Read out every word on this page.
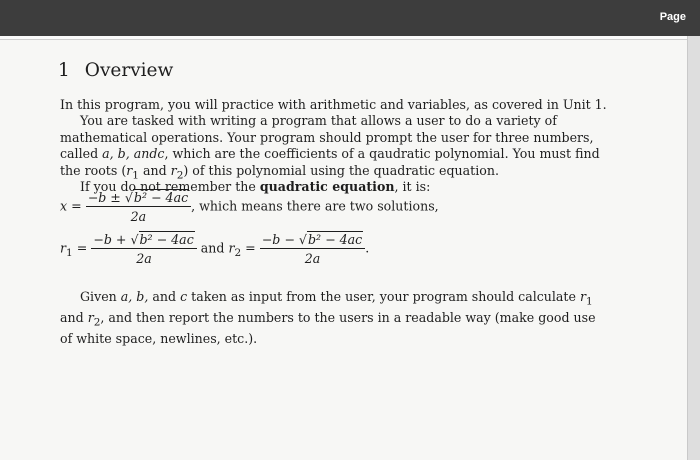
Page
1 Overview

In this program, you will practice with arithmetic and variables, as covered in Unit 1.

You are tasked with writing a program that allows a user to do a variety of mathematical operations. Your program should prompt the user for three numbers, called a, b, andc, which are the coefficients of a qaudratic polynomial. You must find the roots ($r_1$ and $r_2$) of this polynomial using the quadratic equation.

If you do not remember the quadratic equation, it is:

$x = \frac{\text{−b ± √b² − 4ac}}{2a}$ , which means there are two solutions,
$r_1 = \frac{\text{−b + √b² − 4ac}}{2a}$ and $r_2 = \frac{\text{−b − √b² − 4ac}}{2a}$ .

Given a, b, and c taken as input from the user, your program should calculate $r_1$ and $r_2$, and then report the numbers to the users in a readable way (make good use of white space, newlines, etc.).
